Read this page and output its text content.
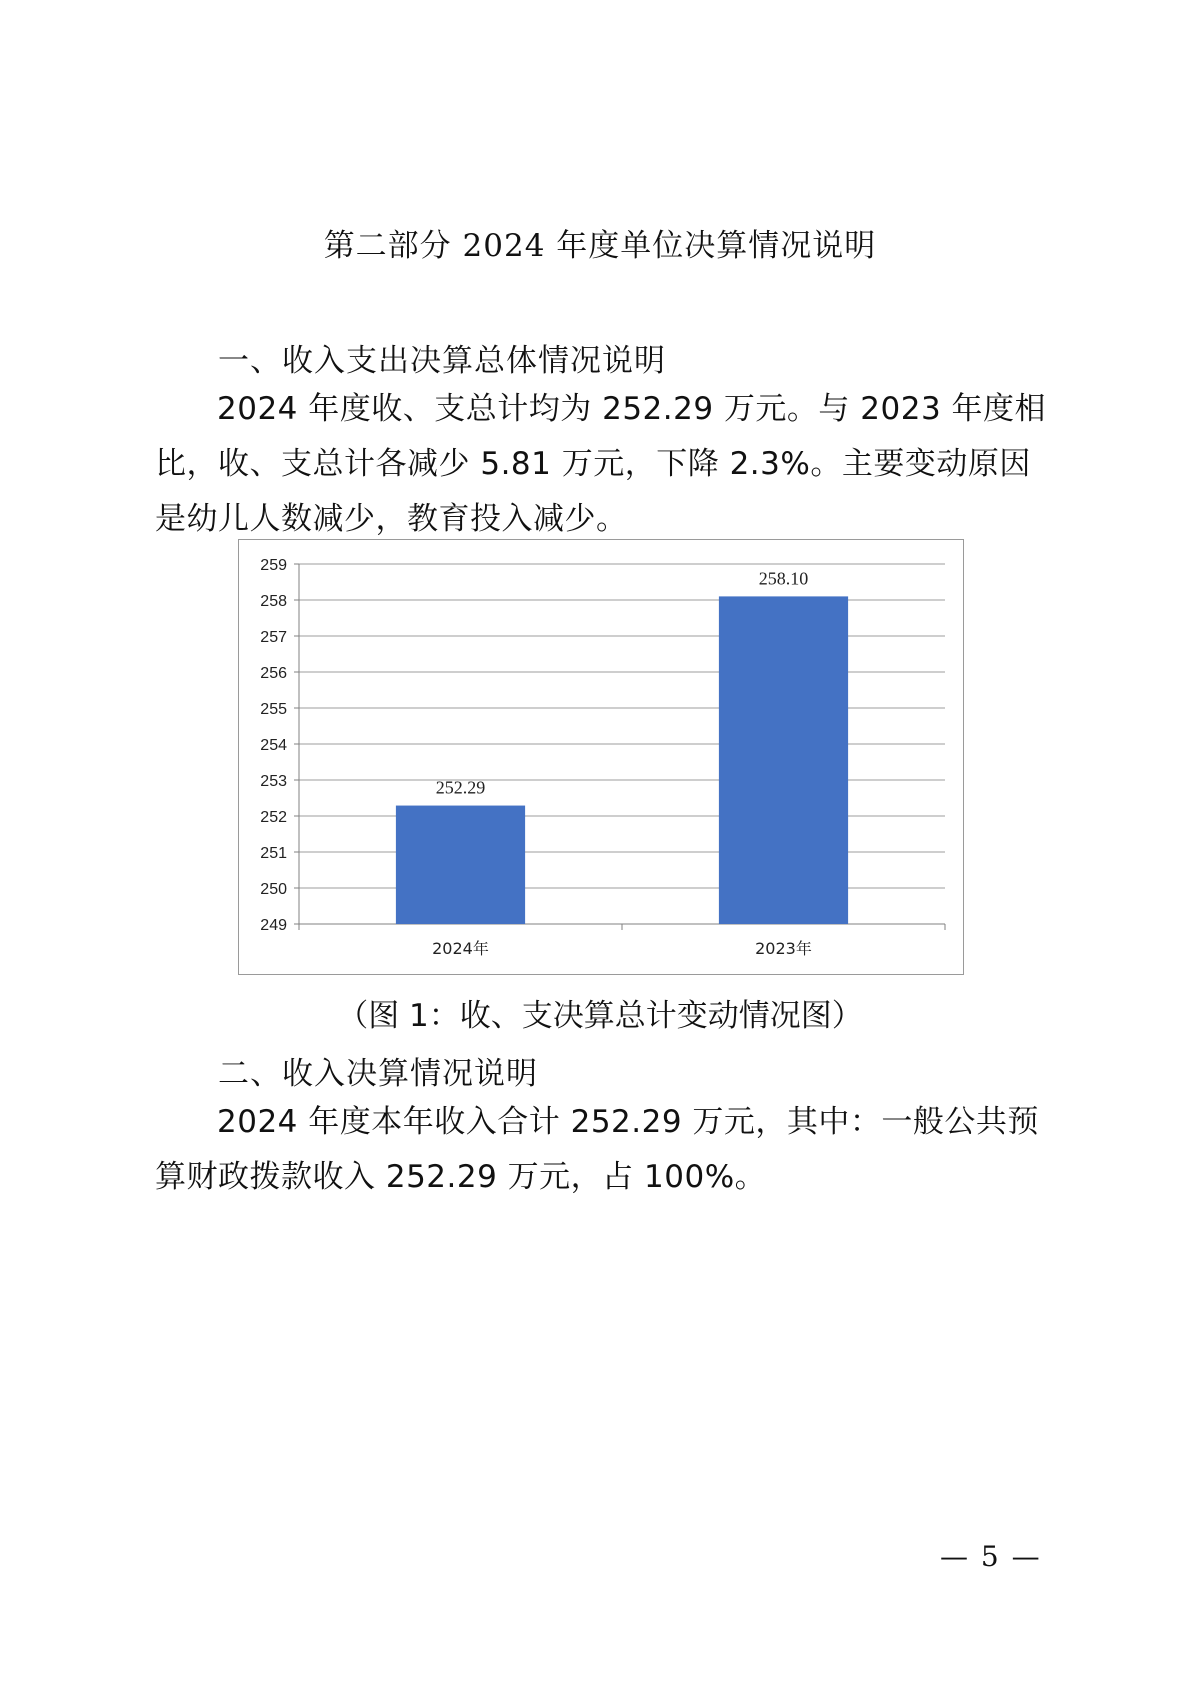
第二部分 2024 年度单位决算情况说明
一、收入支出决算总体情况说明
2024 年度收、支总计均为 252.29 万元。与 2023 年度相比，收、支总计各减少 5.81 万元，下降 2.3%。主要变动原因是幼儿人数减少，教育投入减少。
249
250
251
252
253
254
255
256
257
258
259
252.29
2024年
258.10
2023年
（图 1：收、支决算总计变动情况图）
二、收入决算情况说明
2024 年度本年收入合计 252.29 万元，其中：一般公共预算财政拨款收入 252.29 万元，占 100%。
— 5 —
